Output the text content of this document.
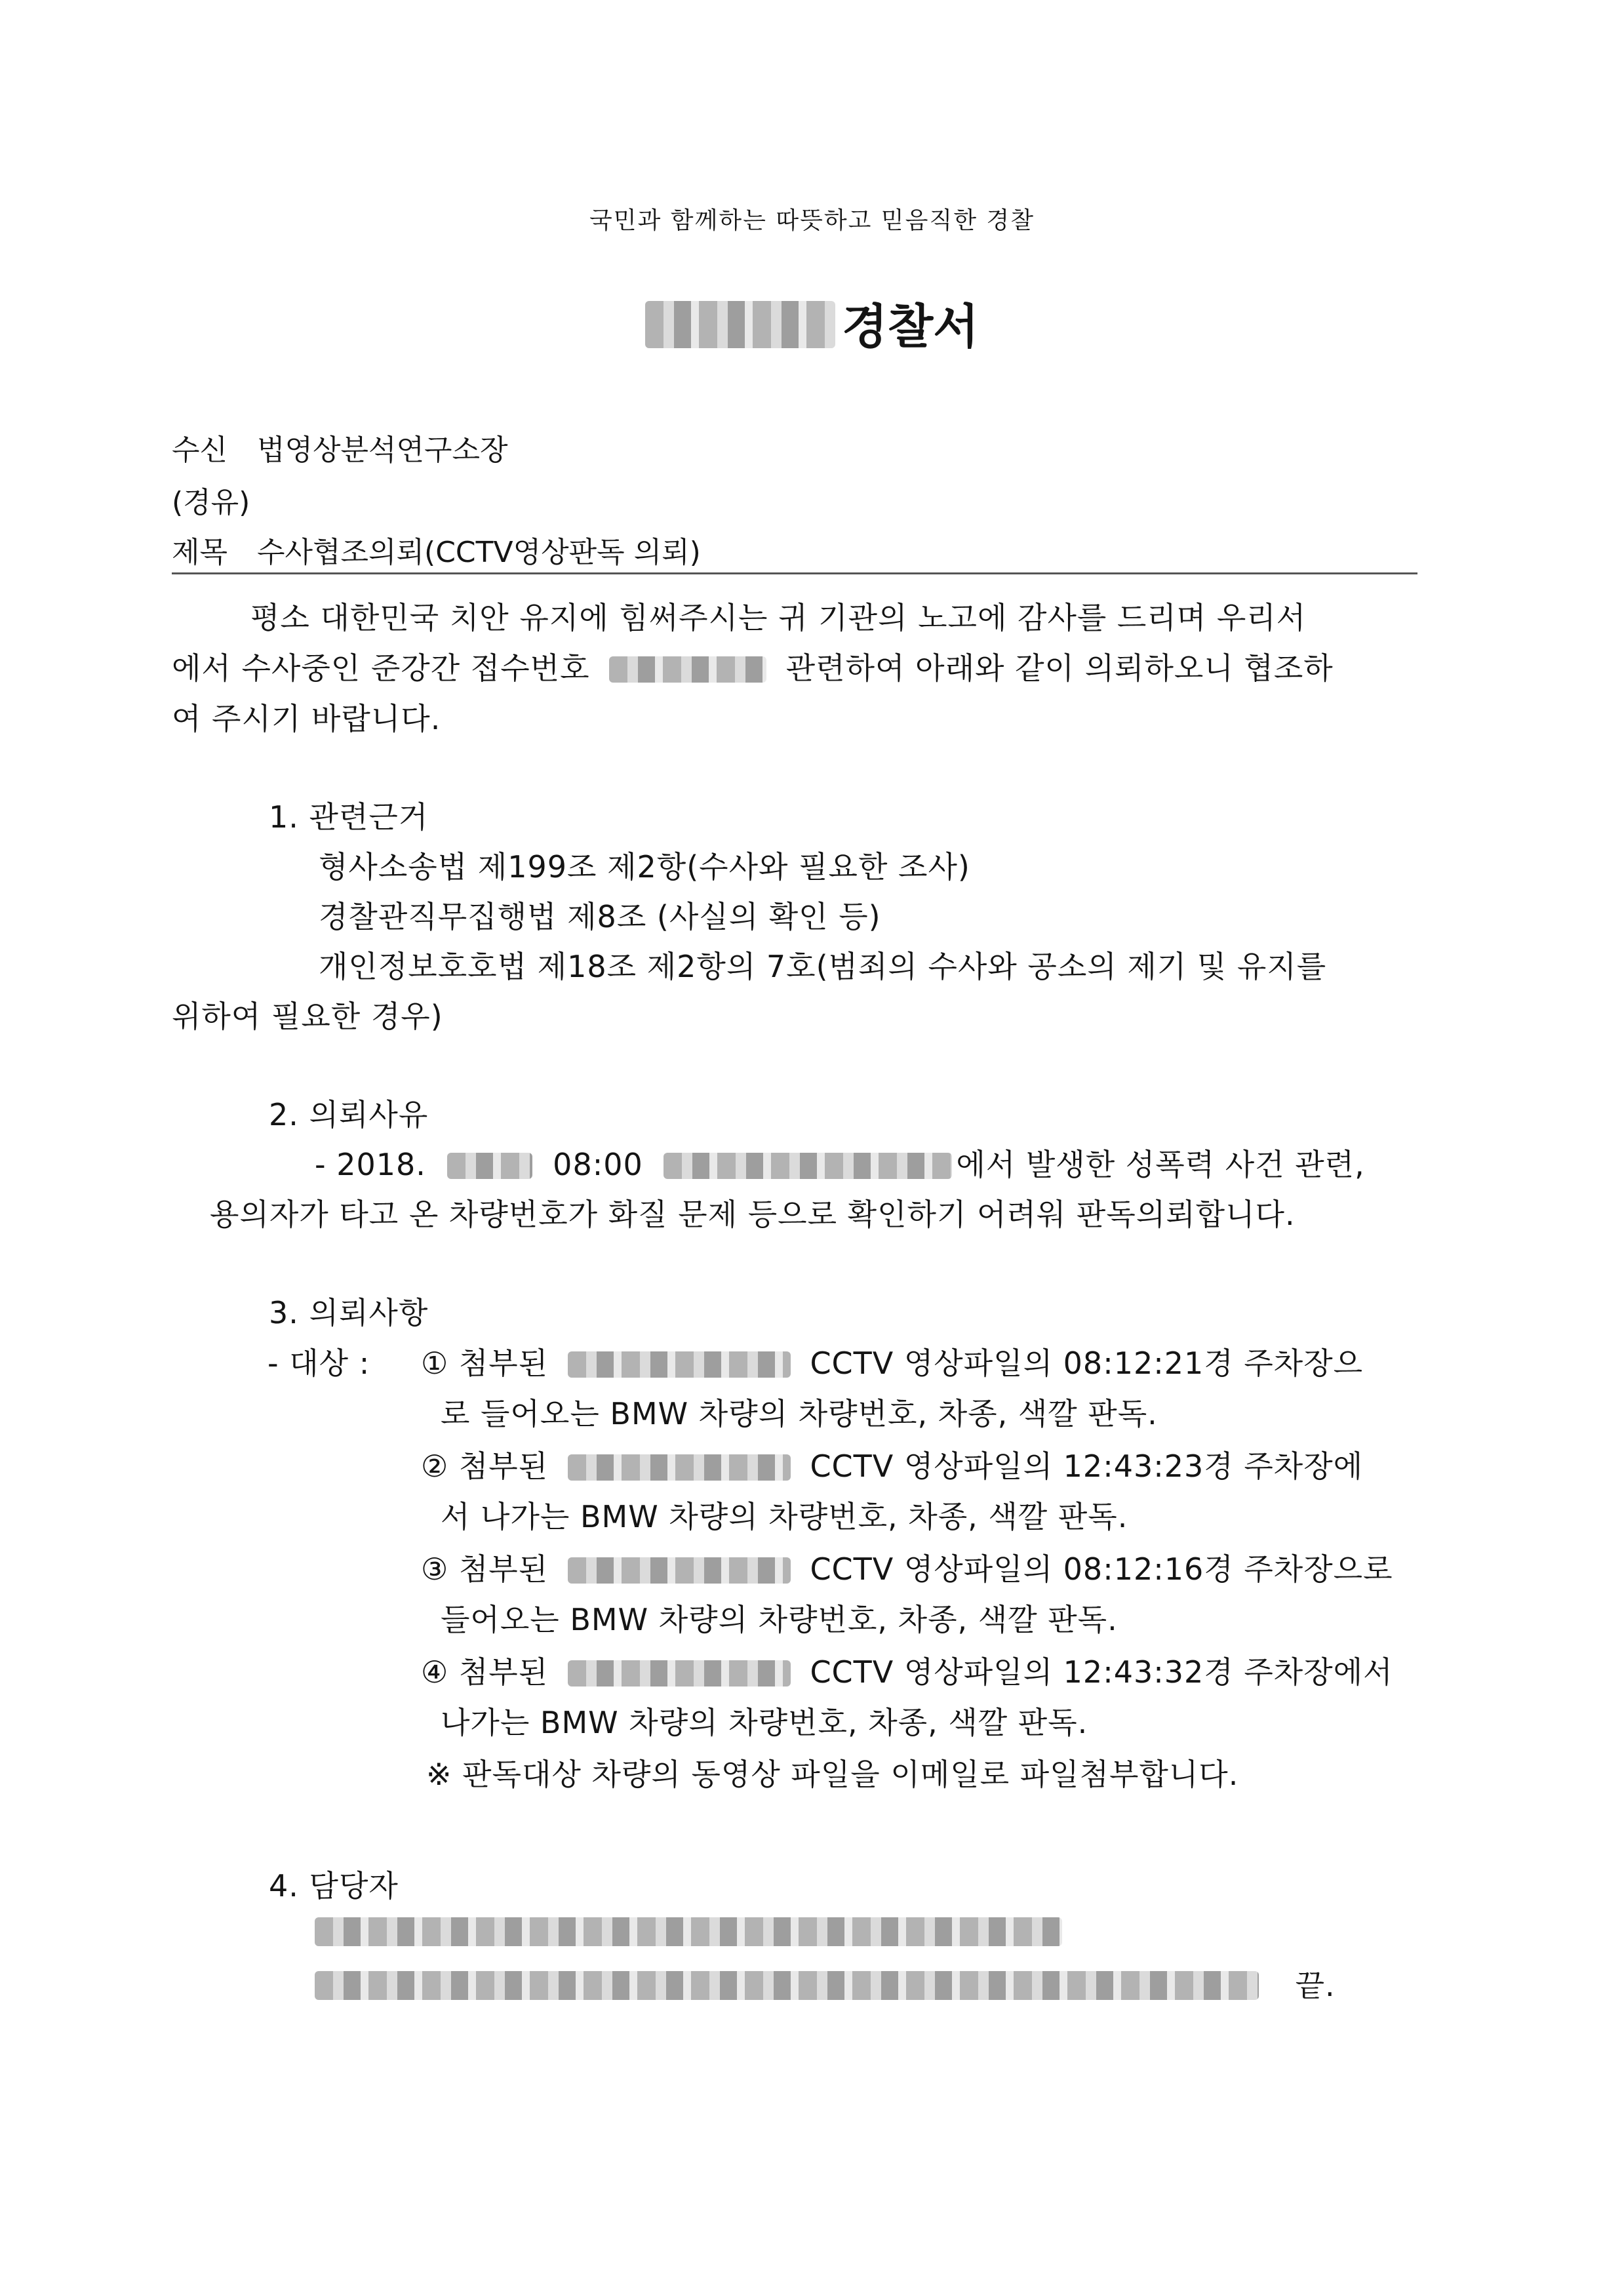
국민과 함께하는 따뜻하고 믿음직한 경찰
경찰서
수신 법영상분석연구소장
(경유)
제목 수사협조의뢰(CCTV영상판독 의뢰)
평소 대한민국 치안 유지에 힘써주시는 귀 기관의 노고에 감사를 드리며 우리서
에서 수사중인 준강간 접수번호	관련하여 아래와 같이 의뢰하오니 협조하
여 주시기 바랍니다.
1. 관련근거
형사소송법 제199조 제2항(수사와 필요한 조사)
경찰관직무집행법 제8조 (사실의 확인 등)
개인정보호호법 제18조 제2항의 7호(범죄의 수사와 공소의 제기 및 유지를
위하여 필요한 경우)
2. 의뢰사유
- 2018.	08:00	에서 발생한 성폭력 사건 관련,
용의자가 타고 온 차량번호가 화질 문제 등으로 확인하기 어려워 판독의뢰합니다.
3. 의뢰사항
- 대상 : ① 첨부된	CCTV 영상파일의 08:12:21경 주차장으
로 들어오는 BMW 차량의 차량번호, 차종, 색깔 판독.
② 첨부된	CCTV 영상파일의 12:43:23경 주차장에
서 나가는 BMW 차량의 차량번호, 차종, 색깔 판독.
③ 첨부된	CCTV 영상파일의 08:12:16경 주차장으로
들어오는 BMW 차량의 차량번호, 차종, 색깔 판독.
④ 첨부된	CCTV 영상파일의 12:43:32경 주차장에서
나가는 BMW 차량의 차량번호, 차종, 색깔 판독.
※ 판독대상 차량의 동영상 파일을 이메일로 파일첨부합니다.
4. 담당자
끝.
